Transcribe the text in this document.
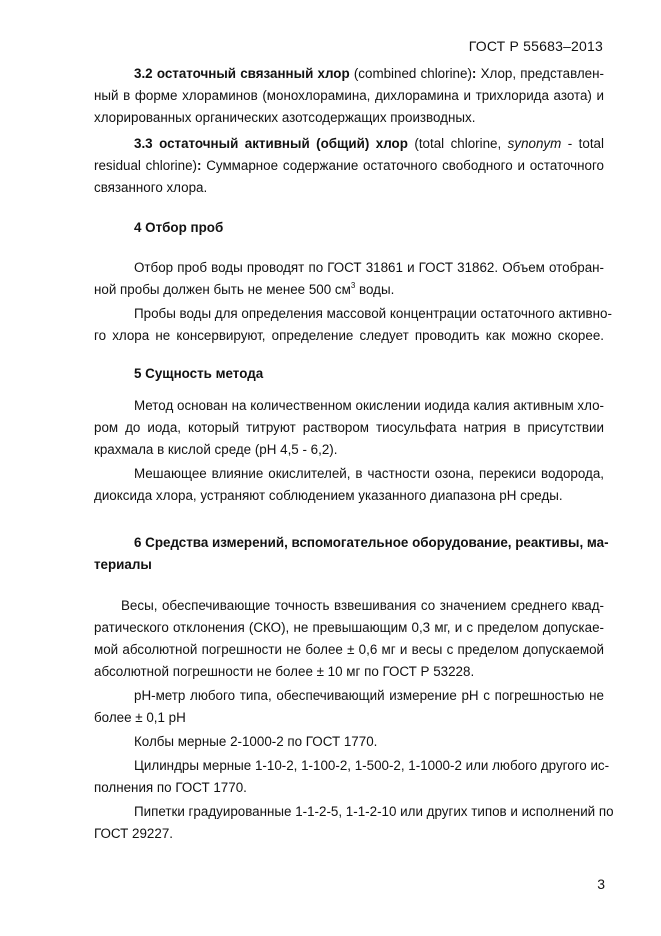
ГОСТ Р 55683–2013
3.2 остаточный связанный хлор (combined chlorine): Хлор, представлен-
ный в форме хлораминов (монохлорамина, дихлорамина и трихлорида азота) и
хлорированных органических азотсодержащих производных.
3.3 остаточный активный (общий) хлор (total chlorine, synonym - total
residual chlorine): Суммарное содержание остаточного свободного и остаточного
связанного хлора.
4 Отбор проб
Отбор проб воды проводят по ГОСТ 31861 и ГОСТ 31862. Объем отобран-
ной пробы должен быть не менее 500 $см^3$ воды.
Пробы воды для определения массовой концентрации остаточного активно-
го хлора не консервируют, определение следует проводить как можно скорее.
5 Сущность метода
Метод основан на количественном окислении иодида калия активным хло-
ром до иода, который титруют раствором тиосульфата натрия в присутствии
крахмала в кислой среде (pH 4,5 - 6,2).
Мешающее влияние окислителей, в частности озона, перекиси водорода,
диоксида хлора, устраняют соблюдением указанного диапазона pH среды.
6 Средства измерений, вспомогательное оборудование, реактивы, ма-
териалы
Весы, обеспечивающие точность взвешивания со значением среднего квад-
ратического отклонения (СКО), не превышающим 0,3 мг, и с пределом допускае-
мой абсолютной погрешности не более ± 0,6 мг и весы с пределом допускаемой
абсолютной погрешности не более ± 10 мг по ГОСТ Р 53228.
pH-метр любого типа, обеспечивающий измерение pH с погрешностью не
более ± 0,1 pH
Колбы мерные 2-1000-2 по ГОСТ 1770.
Цилиндры мерные 1-10-2, 1-100-2, 1-500-2, 1-1000-2 или любого другого ис-
полнения по ГОСТ 1770.
Пипетки градуированные 1-1-2-5, 1-1-2-10 или других типов и исполнений по
ГОСТ 29227.
3
